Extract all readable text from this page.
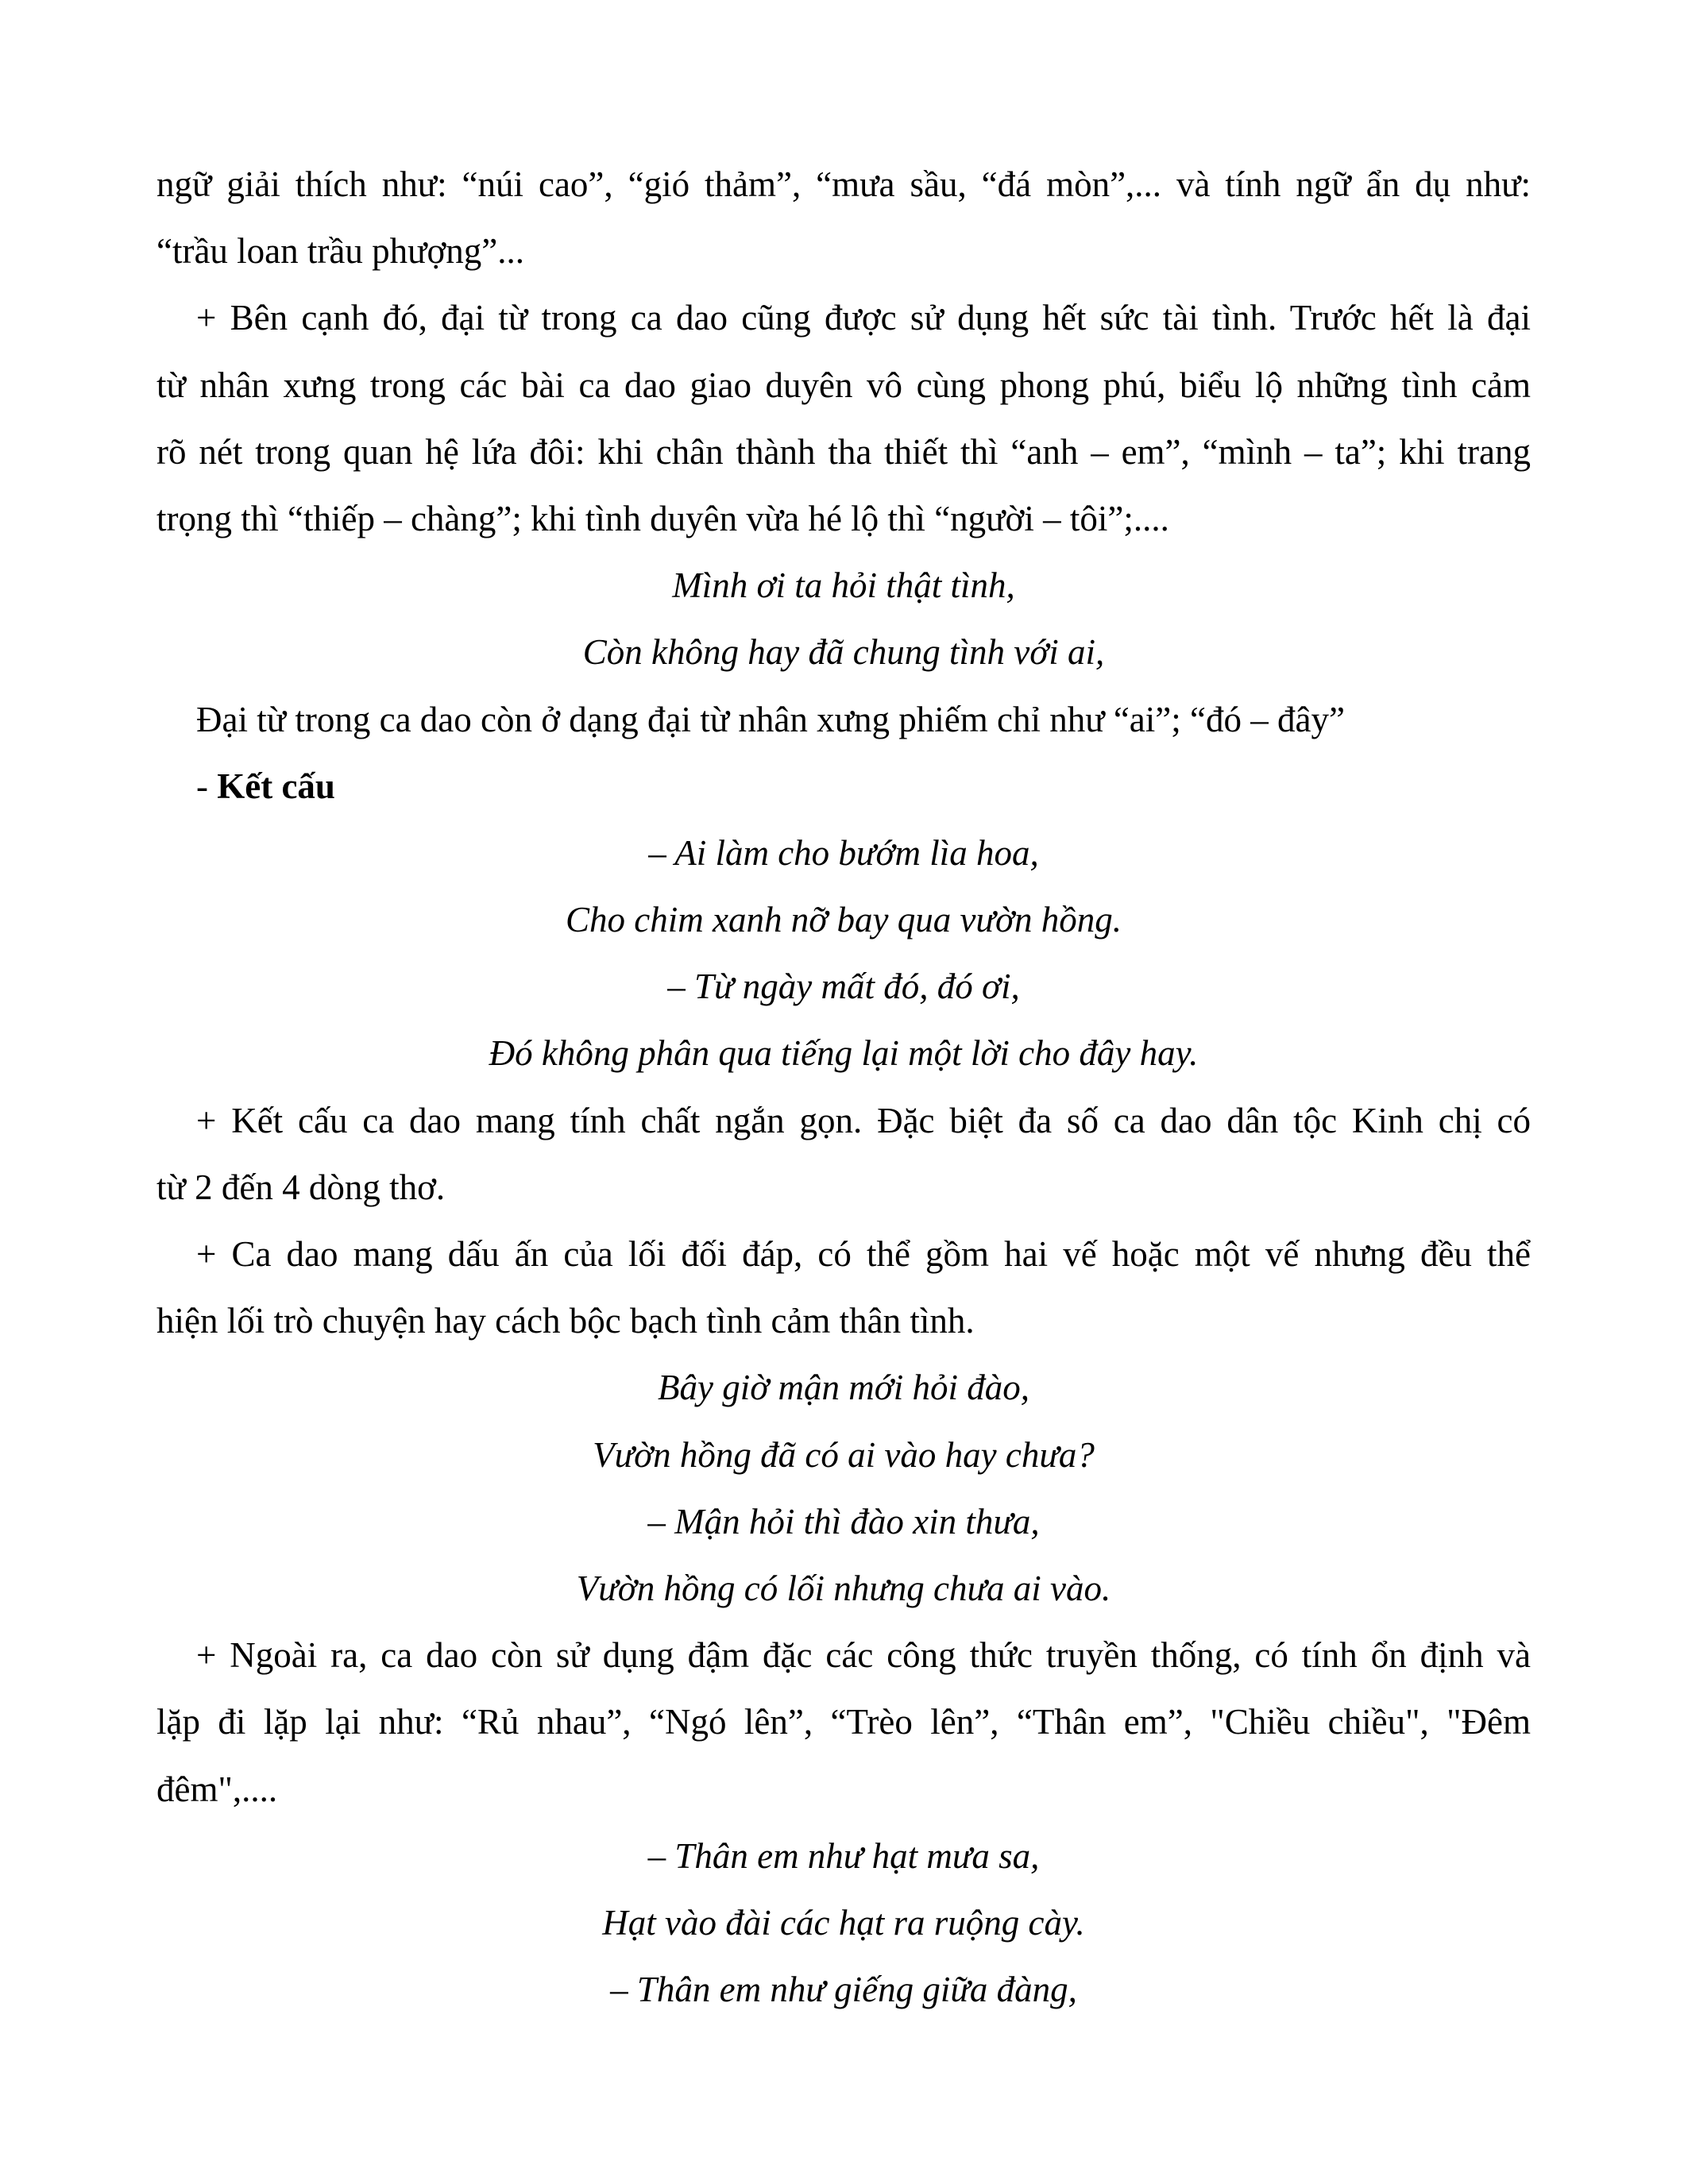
ngữ giải thích như: “núi cao”, “gió thảm”, “mưa sầu, “đá mòn”,... và tính ngữ ẩn dụ như:
“trầu loan trầu phượng”...
+ Bên cạnh đó, đại từ trong ca dao cũng được sử dụng hết sức tài tình. Trước hết là đại
từ nhân xưng trong các bài ca dao giao duyên vô cùng phong phú, biểu lộ những tình cảm
rõ nét trong quan hệ lứa đôi: khi chân thành tha thiết thì “anh – em”, “mình – ta”; khi trang
trọng thì “thiếp – chàng”; khi tình duyên vừa hé lộ thì “người – tôi”;....
Mình ơi ta hỏi thật tình,
Còn không hay đã chung tình với ai,
Đại từ trong ca dao còn ở dạng đại từ nhân xưng phiếm chỉ như “ai”; “đó – đây”
- Kết cấu
– Ai làm cho bướm lìa hoa,
Cho chim xanh nỡ bay qua vườn hồng.
– Từ ngày mất đó, đó ơi,
Đó không phân qua tiếng lại một lời cho đây hay.
+ Kết cấu ca dao mang tính chất ngắn gọn. Đặc biệt đa số ca dao dân tộc Kinh chị có
từ 2 đến 4 dòng thơ.
+ Ca dao mang dấu ấn của lối đối đáp, có thể gồm hai vế hoặc một vế nhưng đều thể
hiện lối trò chuyện hay cách bộc bạch tình cảm thân tình.
Bây giờ mận mới hỏi đào,
Vườn hồng đã có ai vào hay chưa?
– Mận hỏi thì đào xin thưa,
Vườn hồng có lối nhưng chưa ai vào.
+ Ngoài ra, ca dao còn sử dụng đậm đặc các công thức truyền thống, có tính ổn định và
lặp đi lặp lại như: “Rủ nhau”, “Ngó lên”, “Trèo lên”, “Thân em”, "Chiều chiều", "Đêm
đêm",....
– Thân em như hạt mưa sa,
Hạt vào đài các hạt ra ruộng cày.
– Thân em như giếng giữa đàng,
